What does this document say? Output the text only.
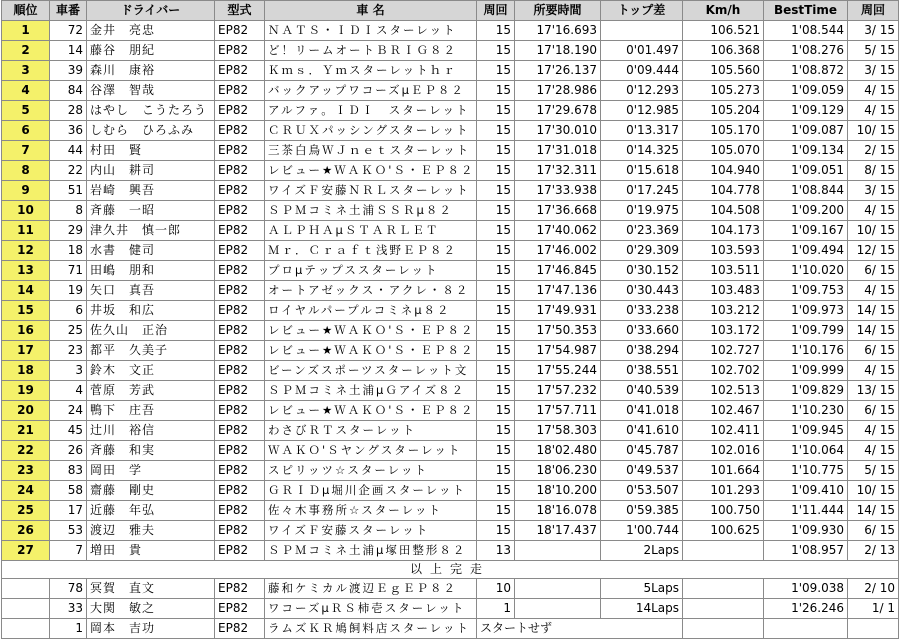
順位	車番	ドライバー	型式	車 名	周回	所要時間	トップ差	Km/h	BestTime	周回
1	72	金井　亮忠	EP82	ＮＡＴＳ・ＩＤＩスターレット	15	17'16.693		106.521	1'08.544	3/ 15
2	14	藤谷　朋紀	EP82	ど！リームオートＢＲＩＧ８２	15	17'18.190	0'01.497	106.368	1'08.276	5/ 15
3	39	森川　康裕	EP82	Ｋｍｓ．Ｙｍスターレットｈｒ	15	17'26.137	0'09.444	105.560	1'08.872	3/ 15
4	84	谷澤　智哉	EP82	バックアップワコーズμＥＰ８２	15	17'28.986	0'12.293	105.273	1'09.059	4/ 15
5	28	はやし　こうたろう	EP82	アルファ。ＩＤＩ　スターレット	15	17'29.678	0'12.985	105.204	1'09.129	4/ 15
6	36	しむら　ひろふみ	EP82	ＣＲＵＸパッシングスターレット	15	17'30.010	0'13.317	105.170	1'09.087	10/ 15
7	44	村田　賢	EP82	三茶白鳥ＷＪｎｅｔスターレット	15	17'31.018	0'14.325	105.070	1'09.134	2/ 15
8	22	内山　耕司	EP82	レビュー★ＷＡＫＯ'Ｓ・ＥＰ８２	15	17'32.311	0'15.618	104.940	1'09.051	8/ 15
9	51	岩崎　興吾	EP82	ワイズＦ安藤ＮＲＬスターレット	15	17'33.938	0'17.245	104.778	1'08.844	3/ 15
10	8	斉藤　一昭	EP82	ＳＰＭコミネ土浦ＳＳＲμ８２	15	17'36.668	0'19.975	104.508	1'09.200	4/ 15
11	29	津久井　慎一郎	EP82	ＡＬＰＨＡμＳＴＡＲＬＥＴ	15	17'40.062	0'23.369	104.173	1'09.167	10/ 15
12	18	水書　健司	EP82	Ｍｒ．Ｃｒａｆｔ浅野ＥＰ８２	15	17'46.002	0'29.309	103.593	1'09.494	12/ 15
13	71	田嶋　朋和	EP82	プロμテップススターレット	15	17'46.845	0'30.152	103.511	1'10.020	6/ 15
14	19	矢口　真吾	EP82	オートアゼックス・アクレ・８２	15	17'47.136	0'30.443	103.483	1'09.753	4/ 15
15	6	井坂　和広	EP82	ロイヤルパープルコミネμ８２	15	17'49.931	0'33.238	103.212	1'09.973	14/ 15
16	25	佐久山　正治	EP82	レビュー★ＷＡＫＯ'Ｓ・ＥＰ８２	15	17'50.353	0'33.660	103.172	1'09.799	14/ 15
17	23	都平　久美子	EP82	レビュー★ＷＡＫＯ'Ｓ・ＥＰ８２	15	17'54.987	0'38.294	102.727	1'10.176	6/ 15
18	3	鈴木　文正	EP82	ビーンズスポーツスターレット文	15	17'55.244	0'38.551	102.702	1'09.999	4/ 15
19	4	菅原　芳武	EP82	ＳＰＭコミネ土浦μＧアイズ８２	15	17'57.232	0'40.539	102.513	1'09.829	13/ 15
20	24	鴨下　庄吾	EP82	レビュー★ＷＡＫＯ'Ｓ・ＥＰ８２	15	17'57.711	0'41.018	102.467	1'10.230	6/ 15
21	45	辻川　裕信	EP82	わさびＲＴスターレット	15	17'58.303	0'41.610	102.411	1'09.945	4/ 15
22	26	斉藤　和実	EP82	ＷＡＫＯ'Ｓヤングスターレット	15	18'02.480	0'45.787	102.016	1'10.064	4/ 15
23	83	岡田　学	EP82	スピリッツ☆スターレット	15	18'06.230	0'49.537	101.664	1'10.775	5/ 15
24	58	齋藤　剛史	EP82	ＧＲＩＤμ堀川企画スターレット	15	18'10.200	0'53.507	101.293	1'09.410	10/ 15
25	17	近藤　年弘	EP82	佐々木事務所☆スターレット	15	18'16.078	0'59.385	100.750	1'11.444	14/ 15
26	53	渡辺　雅夫	EP82	ワイズＦ安藤スターレット	15	18'17.437	1'00.744	100.625	1'09.930	6/ 15
27	7	増田　貴	EP82	ＳＰＭコミネ土浦μ塚田整形８２	13		2Laps		1'08.957	2/ 13
以上完走										
	78	冥賀　直文	EP82	藤和ケミカル渡辺ＥｇＥＰ８２	10		5Laps		1'09.038	2/ 10
	33	大関　敏之	EP82	ワコーズμＲＳ柿壱スターレット	1		14Laps		1'26.246	1/ 1
	1	岡本　吉功	EP82	ラムズＫＲ鳩飼料店スターレット	スタートせず					
